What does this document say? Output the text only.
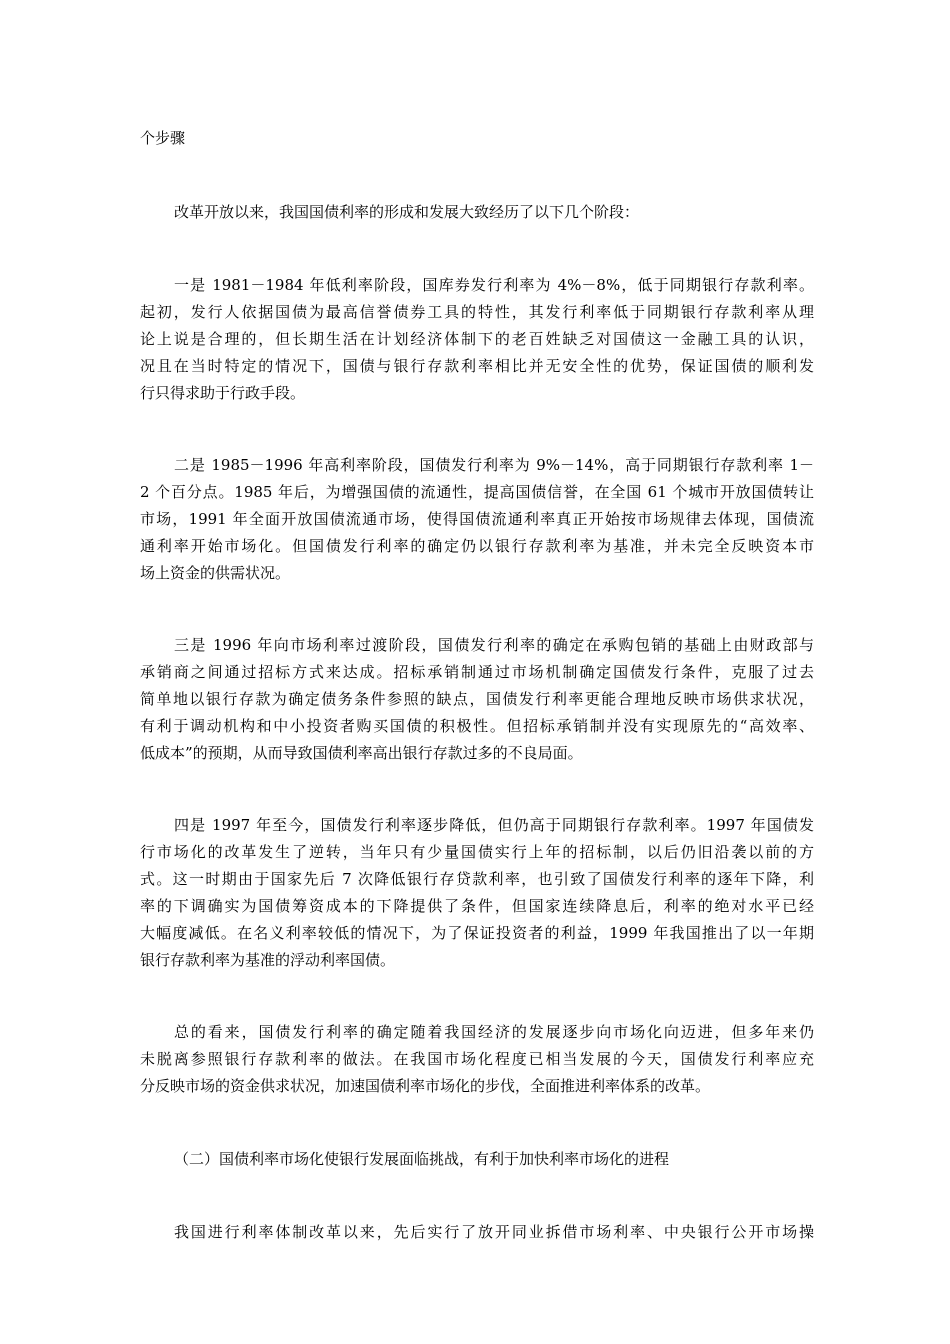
个步骤
改革开放以来，我国国债利率的形成和发展大致经历了以下几个阶段：
一是 1981－1984 年低利率阶段，国库券发行利率为 4%－8%，低于同期银行存款利率。
起初，发行人依据国债为最高信誉债券工具的特性，其发行利率低于同期银行存款利率从理
论上说是合理的，但长期生活在计划经济体制下的老百姓缺乏对国债这一金融工具的认识，
况且在当时特定的情况下，国债与银行存款利率相比并无安全性的优势，保证国债的顺利发
行只得求助于行政手段。
二是 1985－1996 年高利率阶段，国债发行利率为 9%－14%，高于同期银行存款利率 1－
2 个百分点。1985 年后，为增强国债的流通性，提高国债信誉，在全国 61 个城市开放国债转让
市场，1991 年全面开放国债流通市场，使得国债流通利率真正开始按市场规律去体现，国债流
通利率开始市场化。但国债发行利率的确定仍以银行存款利率为基准，并未完全反映资本市
场上资金的供需状况。
三是 1996 年向市场利率过渡阶段，国债发行利率的确定在承购包销的基础上由财政部与
承销商之间通过招标方式来达成。招标承销制通过市场机制确定国债发行条件，克服了过去
简单地以银行存款为确定债务条件参照的缺点，国债发行利率更能合理地反映市场供求状况，
有利于调动机构和中小投资者购买国债的积极性。但招标承销制并没有实现原先的“高效率、
低成本”的预期，从而导致国债利率高出银行存款过多的不良局面。
四是 1997 年至今，国债发行利率逐步降低，但仍高于同期银行存款利率。1997 年国债发
行市场化的改革发生了逆转，当年只有少量国债实行上年的招标制，以后仍旧沿袭以前的方
式。这一时期由于国家先后 7 次降低银行存贷款利率，也引致了国债发行利率的逐年下降，利
率的下调确实为国债筹资成本的下降提供了条件，但国家连续降息后，利率的绝对水平已经
大幅度减低。在名义利率较低的情况下，为了保证投资者的利益，1999 年我国推出了以一年期
银行存款利率为基准的浮动利率国债。
总的看来，国债发行利率的确定随着我国经济的发展逐步向市场化向迈进，但多年来仍
未脱离参照银行存款利率的做法。在我国市场化程度已相当发展的今天，国债发行利率应充
分反映市场的资金供求状况，加速国债利率市场化的步伐，全面推进利率体系的改革。
（二）国债利率市场化使银行发展面临挑战，有利于加快利率市场化的进程
我国进行利率体制改革以来，先后实行了放开同业拆借市场利率、中央银行公开市场操
